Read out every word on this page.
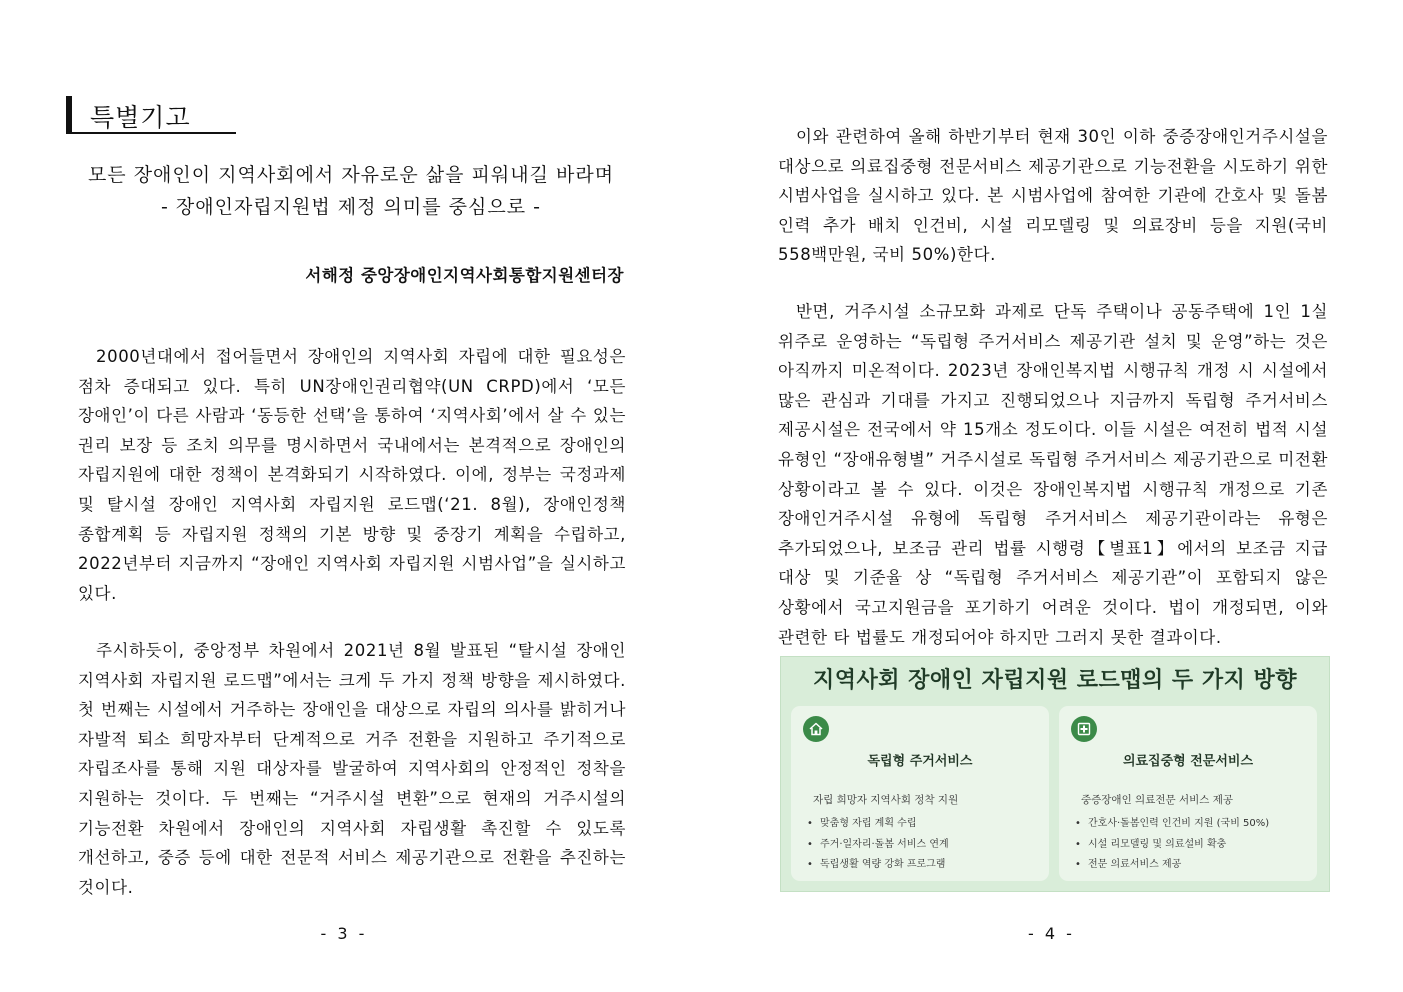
특별기고
모든 장애인이 지역사회에서 자유로운 삶을 피워내길 바라며
- 장애인자립지원법 제정 의미를 중심으로 -
서해정 중앙장애인지역사회통합지원센터장
2000년대에서 접어들면서 장애인의 지역사회 자립에 대한 필요성은 점차 증대되고 있다. 특히 UN장애인권리협약(UN CRPD)에서 ‘모든 장애인’이 다른 사람과 ‘동등한 선택’을 통하여 ‘지역사회’에서 살 수 있는 권리 보장 등 조치 의무를 명시하면서 국내에서는 본격적으로 장애인의 자립지원에 대한 정책이 본격화되기 시작하였다. 이에, 정부는 국정과제 및 탈시설 장애인 지역사회 자립지원 로드맵(‘21. 8월), 장애인정책 종합계획 등 자립지원 정책의 기본 방향 및 중장기 계획을 수립하고, 2022년부터 지금까지 “장애인 지역사회 자립지원 시범사업”을 실시하고 있다.
주시하듯이, 중앙정부 차원에서 2021년 8월 발표된 “탈시설 장애인 지역사회 자립지원 로드맵”에서는 크게 두 가지 정책 방향을 제시하였다. 첫 번째는 시설에서 거주하는 장애인을 대상으로 자립의 의사를 밝히거나 자발적 퇴소 희망자부터 단계적으로 거주 전환을 지원하고 주기적으로 자립조사를 통해 지원 대상자를 발굴하여 지역사회의 안정적인 정착을 지원하는 것이다. 두 번째는 “거주시설 변환”으로 현재의 거주시설의 기능전환 차원에서 장애인의 지역사회 자립생활 촉진할 수 있도록 개선하고, 중증 등에 대한 전문적 서비스 제공기관으로 전환을 추진하는 것이다.
- 3 -
이와 관련하여 올해 하반기부터 현재 30인 이하 중증장애인거주시설을 대상으로 의료집중형 전문서비스 제공기관으로 기능전환을 시도하기 위한 시범사업을 실시하고 있다. 본 시범사업에 참여한 기관에 간호사 및 돌봄 인력 추가 배치 인건비, 시설 리모델링 및 의료장비 등을 지원(국비 558백만원, 국비 50%)한다.
반면, 거주시설 소규모화 과제로 단독 주택이나 공동주택에 1인 1실 위주로 운영하는 “독립형 주거서비스 제공기관 설치 및 운영”하는 것은 아직까지 미온적이다. 2023년 장애인복지법 시행규칙 개정 시 시설에서 많은 관심과 기대를 가지고 진행되었으나 지금까지 독립형 주거서비스 제공시설은 전국에서 약 15개소 정도이다. 이들 시설은 여전히 법적 시설 유형인 “장애유형별” 거주시설로 독립형 주거서비스 제공기관으로 미전환 상황이라고 볼 수 있다. 이것은 장애인복지법 시행규칙 개정으로 기존 장애인거주시설 유형에 독립형 주거서비스 제공기관이라는 유형은 추가되었으나, 보조금 관리 법률 시행령【별표1】에서의 보조금 지급 대상 및 기준율 상 “독립형 주거서비스 제공기관”이 포함되지 않은 상황에서 국고지원금을 포기하기 어려운 것이다. 법이 개정되면, 이와 관련한 타 법률도 개정되어야 하지만 그러지 못한 결과이다.
지역사회 장애인 자립지원 로드맵의 두 가지 방향
독립형 주거서비스
자립 희망자 지역사회 정착 지원
• 맞춤형 자립 계획 수립
• 주거·일자리·돌봄 서비스 연계
• 독립생활 역량 강화 프로그램
의료집중형 전문서비스
중증장애인 의료전문 서비스 제공
• 간호사·돌봄인력 인건비 지원 (국비 50%)
• 시설 리모델링 및 의료설비 확충
• 전문 의료서비스 제공
- 4 -
